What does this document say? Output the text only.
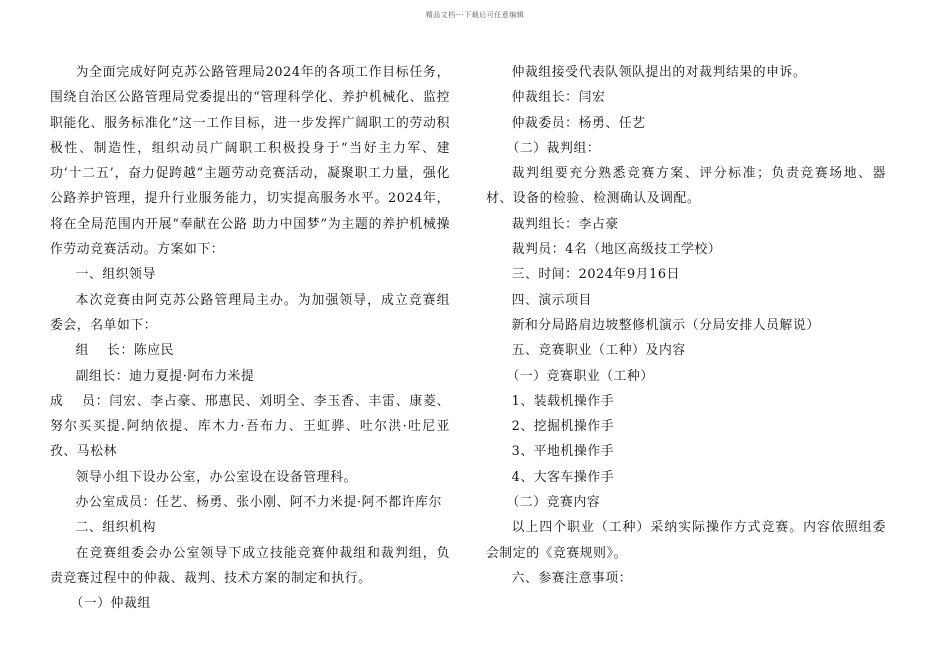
精品文档---下载后可任意编辑

为全面完成好阿克苏公路管理局2024年的各项工作目标任务，围绕自治区公路管理局党委提出的“管理科学化、养护机械化、监控职能化、服务标准化”这一工作目标，进一步发挥广阔职工的劳动积极性、制造性，组织动员广阔职工积极投身于“当好主力军、建功‘十二五’，奋力促跨越”主题劳动竞赛活动，凝聚职工力量，强化公路养护管理，提升行业服务能力，切实提高服务水平。2024年，将在全局范围内开展“奉献在公路 助力中国梦”为主题的养护机械操作劳动竞赛活动。方案如下：

一、组织领导

本次竞赛由阿克苏公路管理局主办。为加强领导，成立竞赛组委会，名单如下：

组　 长：陈应民

副组长：迪力夏提·阿布力米提

成　 员：闫宏、李占豪、邢惠民、刘明全、李玉香、丰雷、康菱、努尔买买提.阿纳依提、库木力·吾布力、王虹骅、吐尔洪·吐尼亚孜、马松林

领导小组下设办公室，办公室设在设备管理科。

办公室成员：任艺、杨勇、张小刚、阿不力米提·阿不都许库尔

二、组织机构

在竞赛组委会办公室领导下成立技能竞赛仲裁组和裁判组，负责竞赛过程中的仲裁、裁判、技术方案的制定和执行。

（一）仲裁组

仲裁组接受代表队领队提出的对裁判结果的申诉。

仲裁组长：闫宏

仲裁委员：杨勇、任艺

（二）裁判组：

裁判组要充分熟悉竞赛方案、评分标准；负责竞赛场地、器材、设备的检验、检测确认及调配。

裁判组长：李占豪

裁判员：4名（地区高级技工学校）

三、时间：2024年9月16日

四、演示项目

新和分局路肩边坡整修机演示（分局安排人员解说）

五、竞赛职业（工种）及内容

（一）竞赛职业（工种）

1、装载机操作手

2、挖掘机操作手

3、平地机操作手

4、大客车操作手

（二）竞赛内容

以上四个职业（工种）采纳实际操作方式竞赛。内容依照组委会制定的《竞赛规则》。

六、参赛注意事项：
